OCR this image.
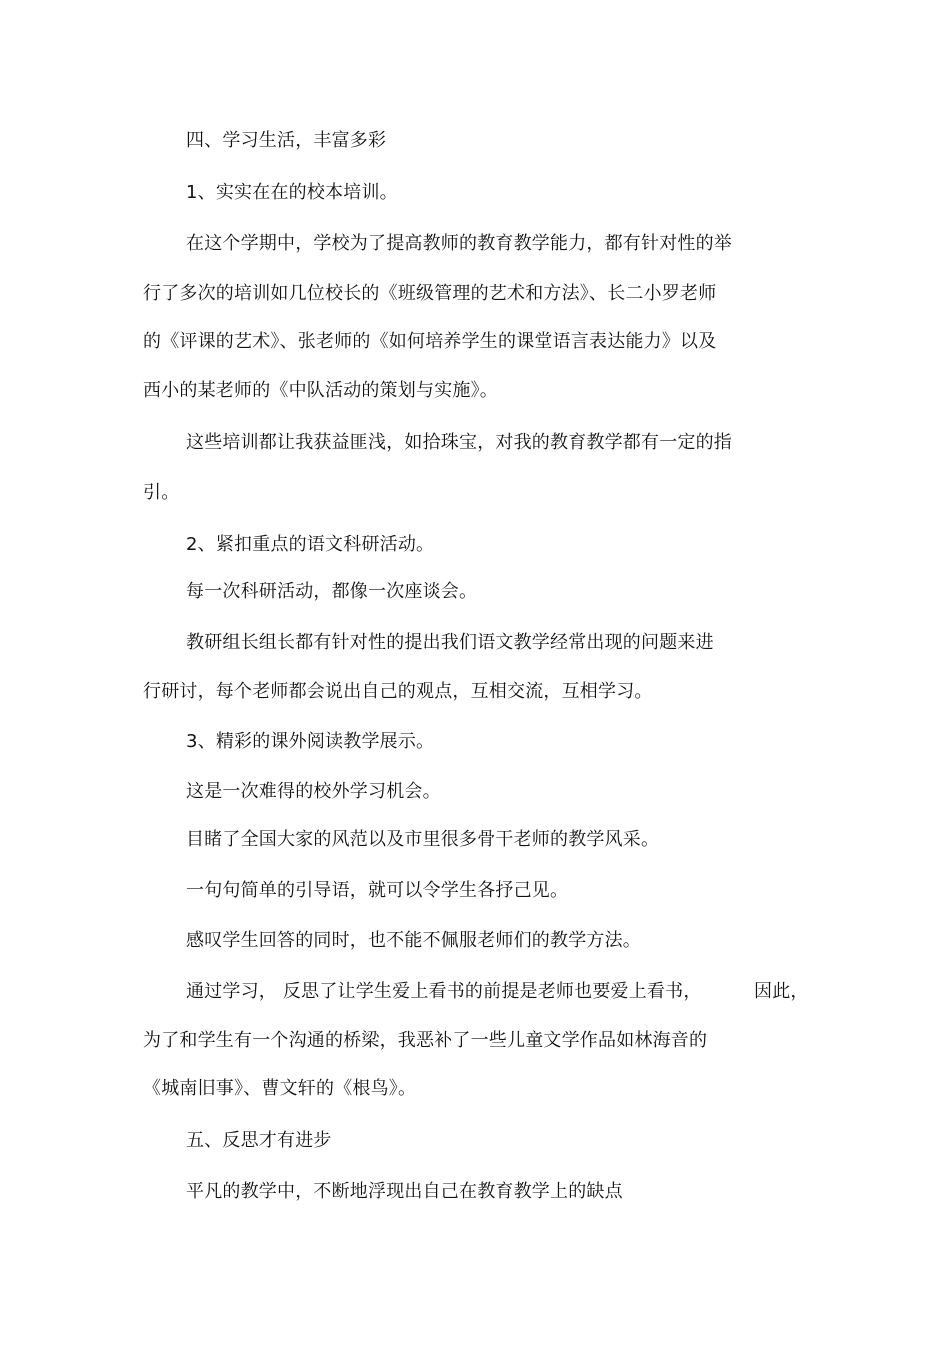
四、学习生活，丰富多彩
1、实实在在的校本培训。
在这个学期中，学校为了提高教师的教育教学能力，都有针对性的举
行了多次的培训如几位校长的《班级管理的艺术和方法》、长二小罗老师
的《评课的艺术》、张老师的《如何培养学生的课堂语言表达能力》以及
西小的某老师的《中队活动的策划与实施》。
这些培训都让我获益匪浅，如拾珠宝，对我的教育教学都有一定的指
引。
2、紧扣重点的语文科研活动。
每一次科研活动，都像一次座谈会。
教研组长组长都有针对性的提出我们语文教学经常出现的问题来进
行研讨，每个老师都会说出自己的观点，互相交流，互相学习。
3、精彩的课外阅读教学展示。
这是一次难得的校外学习机会。
目睹了全国大家的风范以及市里很多骨干老师的教学风采。
一句句简单的引导语，就可以令学生各抒己见。
感叹学生回答的同时，也不能不佩服老师们的教学方法。
通过学习， 反思了让学生爱上看书的前提是老师也要爱上看书，	因此，
为了和学生有一个沟通的桥梁，我恶补了一些儿童文学作品如林海音的
《城南旧事》、曹文轩的《根鸟》。
五、反思才有进步
平凡的教学中，不断地浮现出自己在教育教学上的缺点
